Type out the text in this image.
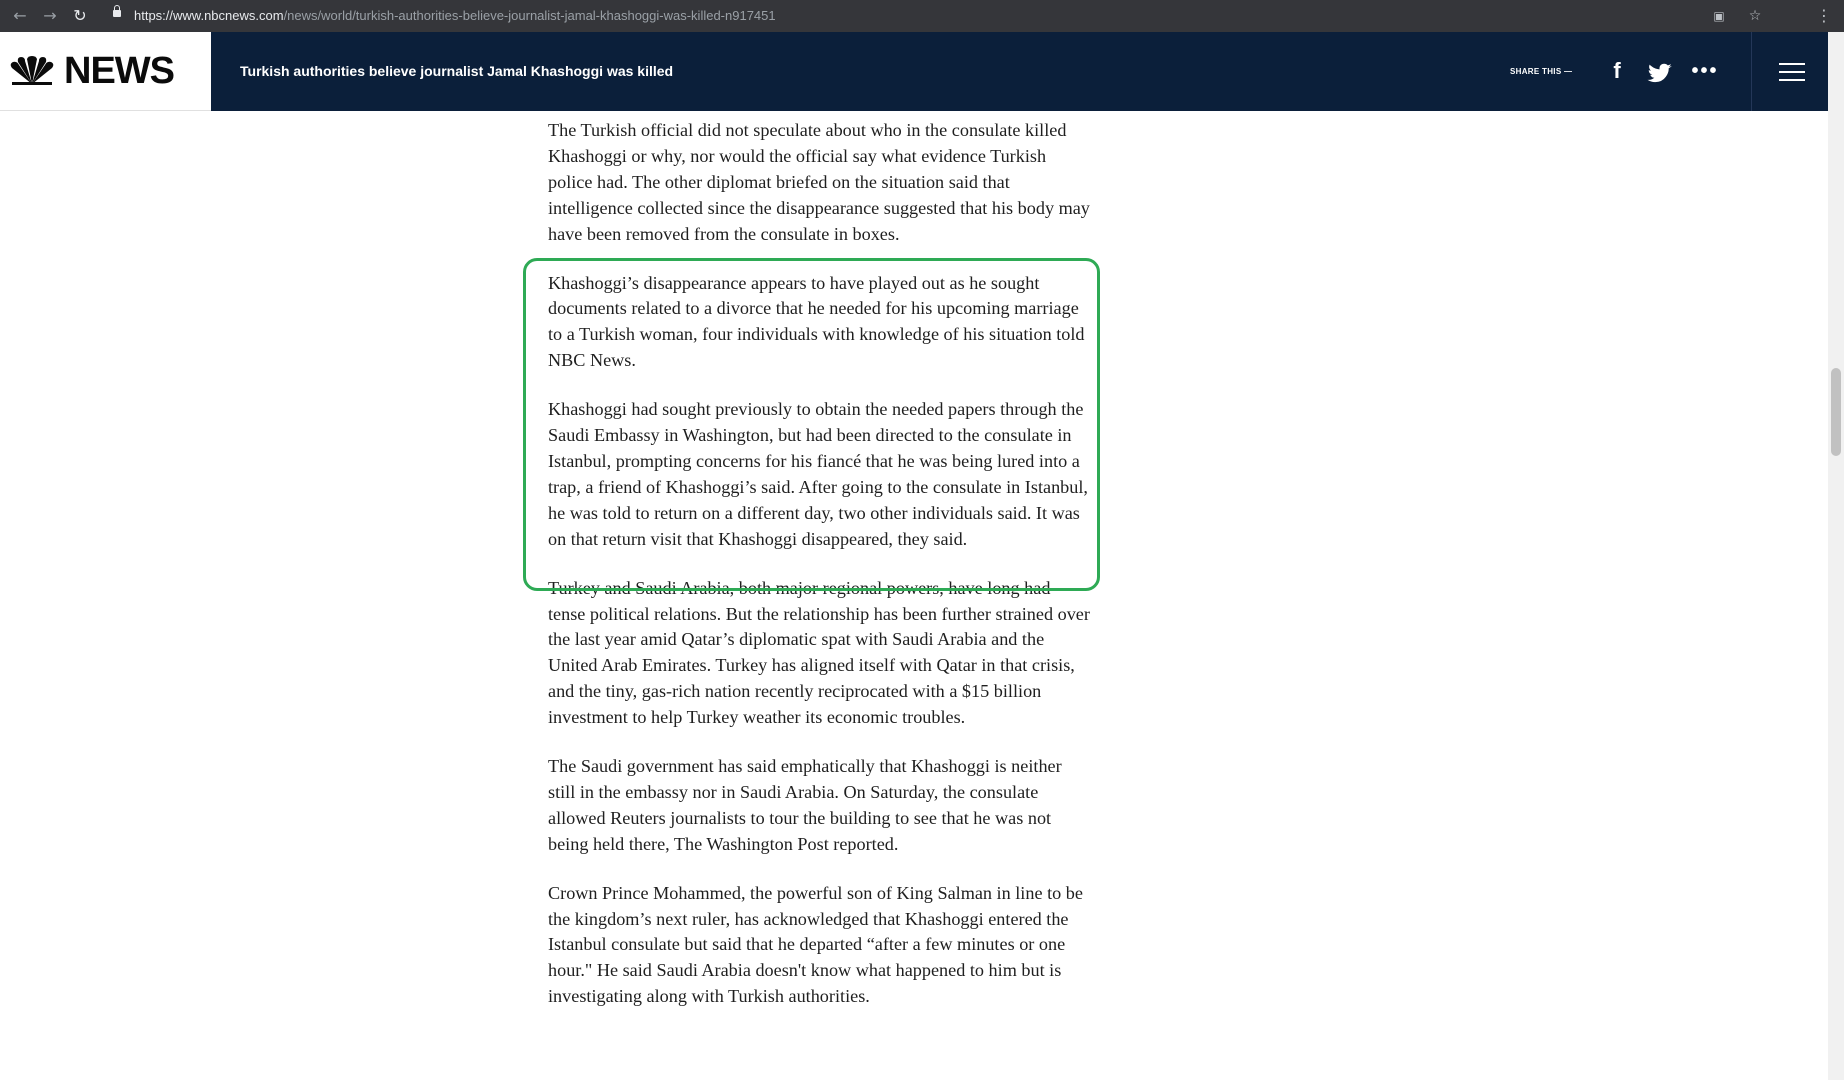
← → ↻	https://www.nbcnews.com/news/world/turkish-authorities-believe-journalist-jamal-khashoggi-was-killed-n917451	▣	☆	⋮
NEWS	Turkish authorities believe journalist Jamal Khashoggi was killed	SHARE THIS —	f	•••

The Turkish official did not speculate about who in the consulate killed Khashoggi or why, nor would the official say what evidence Turkish police had. The other diplomat briefed on the situation said that intelligence collected since the disappearance suggested that his body may have been removed from the consulate in boxes.

Khashoggi’s disappearance appears to have played out as he sought documents related to a divorce that he needed for his upcoming marriage to a Turkish woman, four individuals with knowledge of his situation told NBC News.

Khashoggi had sought previously to obtain the needed papers through the Saudi Embassy in Washington, but had been directed to the consulate in Istanbul, prompting concerns for his fiancé that he was being lured into a trap, a friend of Khashoggi’s said. After going to the consulate in Istanbul, he was told to return on a different day, two other individuals said. It was on that return visit that Khashoggi disappeared, they said.

Turkey and Saudi Arabia, both major regional powers, have long had tense political relations. But the relationship has been further strained over the last year amid Qatar’s diplomatic spat with Saudi Arabia and the United Arab Emirates. Turkey has aligned itself with Qatar in that crisis, and the tiny, gas-rich nation recently reciprocated with a $15 billion investment to help Turkey weather its economic troubles.

The Saudi government has said emphatically that Khashoggi is neither still in the embassy nor in Saudi Arabia. On Saturday, the consulate allowed Reuters journalists to tour the building to see that he was not being held there, The Washington Post reported.

Crown Prince Mohammed, the powerful son of King Salman in line to be the kingdom’s next ruler, has acknowledged that Khashoggi entered the Istanbul consulate but said that he departed “after a few minutes or one hour." He said Saudi Arabia doesn't know what happened to him but is investigating along with Turkish authorities.
